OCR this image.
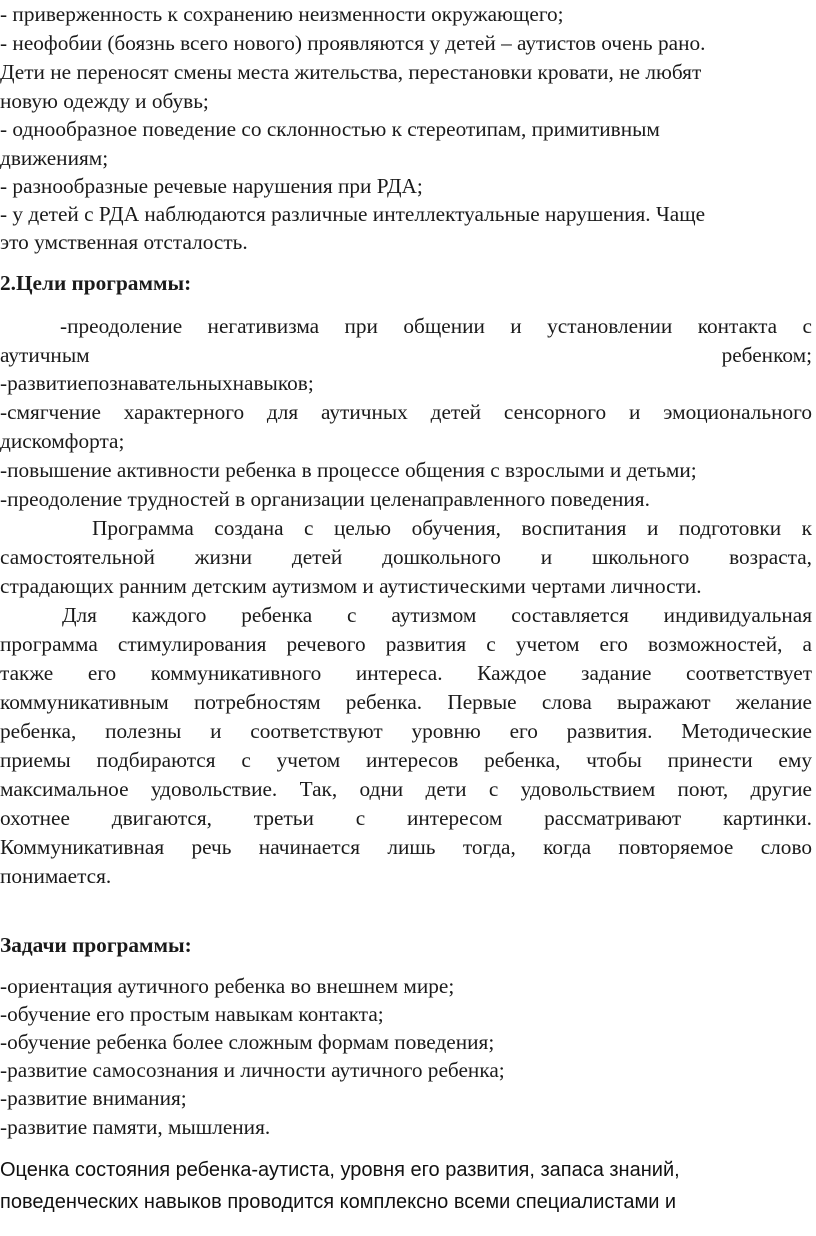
- приверженность к сохранению неизменности окружающего;
- неофобии (боязнь всего нового) проявляются у детей – аутистов очень рано.
Дети не переносят смены места жительства, перестановки кровати, не любят
новую одежду и обувь;
- однообразное поведение со склонностью к стереотипам, примитивным
движениям;
- разнообразные речевые нарушения при РДА;
- у детей с РДА наблюдаются различные интеллектуальные нарушения. Чаще
это умственная отсталость.
2.Цели программы:
-преодоление негативизма при общении и установлении контакта с
аутичным	ребенком;
-развитиепознавательныхнавыков;
-смягчение характерного для аутичных детей сенсорного и эмоционального
дискомфорта;
-повышение активности ребенка в процессе общения с взрослыми и детьми;
-преодоление трудностей в организации целенаправленного поведения.
Программа создана с целью обучения, воспитания и подготовки к
самостоятельной жизни детей дошкольного и школьного возраста,
страдающих ранним детским аутизмом и аутистическими чертами личности.
Для каждого ребенка с аутизмом составляется индивидуальная
программа стимулирования речевого развития с учетом его возможностей, а
также его коммуникативного интереса. Каждое задание соответствует
коммуникативным потребностям ребенка. Первые слова выражают желание
ребенка, полезны и соответствуют уровню его развития. Методические
приемы подбираются с учетом интересов ребенка, чтобы принести ему
максимальное удовольствие. Так, одни дети с удовольствием поют, другие
охотнее двигаются, третьи с интересом рассматривают картинки.
Коммуникативная речь начинается лишь тогда, когда повторяемое слово
понимается.
Задачи программы:
-ориентация аутичного ребенка во внешнем мире;
-обучение его простым навыкам контакта;
-обучение ребенка более сложным формам поведения;
-развитие самосознания и личности аутичного ребенка;
-развитие внимания;
-развитие памяти, мышления.
Оценка состояния ребенка-аутиста, уровня его развития, запаса знаний,
поведенческих навыков проводится комплексно всеми специалистами и
